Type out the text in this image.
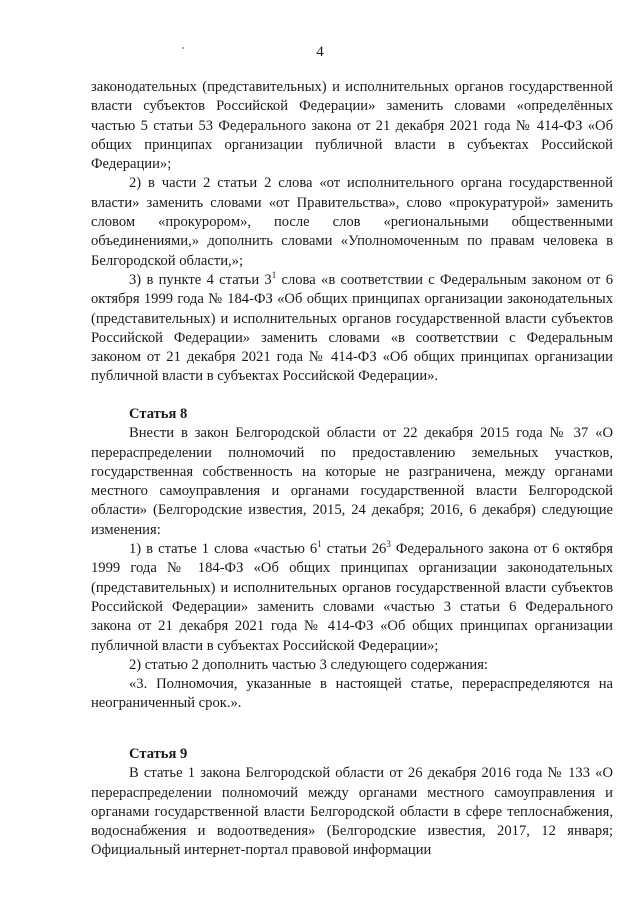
4

законодательных (представительных) и исполнительных органов государственной власти субъектов Российской Федерации» заменить словами «определённых частью 5 статьи 53 Федерального закона от 21 декабря 2021 года № 414-ФЗ «Об общих принципах организации публичной власти в субъектах Российской Федерации»;

2) в части 2 статьи 2 слова «от исполнительного органа государственной власти» заменить словами «от Правительства», слово «прокуратурой» заменить словом «прокурором», после слов «региональными общественными объединениями,» дополнить словами «Уполномоченным по правам человека в Белгородской области,»;

3) в пункте 4 статьи $3^1$ слова «в соответствии с Федеральным законом от 6 октября 1999 года № 184-ФЗ «Об общих принципах организации законодательных (представительных) и исполнительных органов государственной власти субъектов Российской Федерации» заменить словами «в соответствии с Федеральным законом от 21 декабря 2021 года № 414-ФЗ «Об общих принципах организации публичной власти в субъектах Российской Федерации».

Статья 8

Внести в закон Белгородской области от 22 декабря 2015 года № 37 «О перераспределении полномочий по предоставлению земельных участков, государственная собственность на которые не разграничена, между органами местного самоуправления и органами государственной власти Белгородской области» (Белгородские известия, 2015, 24 декабря; 2016, 6 декабря) следующие изменения:

1) в статье 1 слова «частью $6^1$ статьи $26^3$ Федерального закона от 6 октября 1999 года № 184-ФЗ «Об общих принципах организации законодательных (представительных) и исполнительных органов государственной власти субъектов Российской Федерации» заменить словами «частью 3 статьи 6 Федерального закона от 21 декабря 2021 года № 414-ФЗ «Об общих принципах организации публичной власти в субъектах Российской Федерации»;

2) статью 2 дополнить частью 3 следующего содержания:

«3. Полномочия, указанные в настоящей статье, перераспределяются на неограниченный срок.».

Статья 9

В статье 1 закона Белгородской области от 26 декабря 2016 года № 133 «О перераспределении полномочий между органами местного самоуправления и органами государственной власти Белгородской области в сфере теплоснабжения, водоснабжения и водоотведения» (Белгородские известия, 2017, 12 января; Официальный интернет-портал правовой информации
